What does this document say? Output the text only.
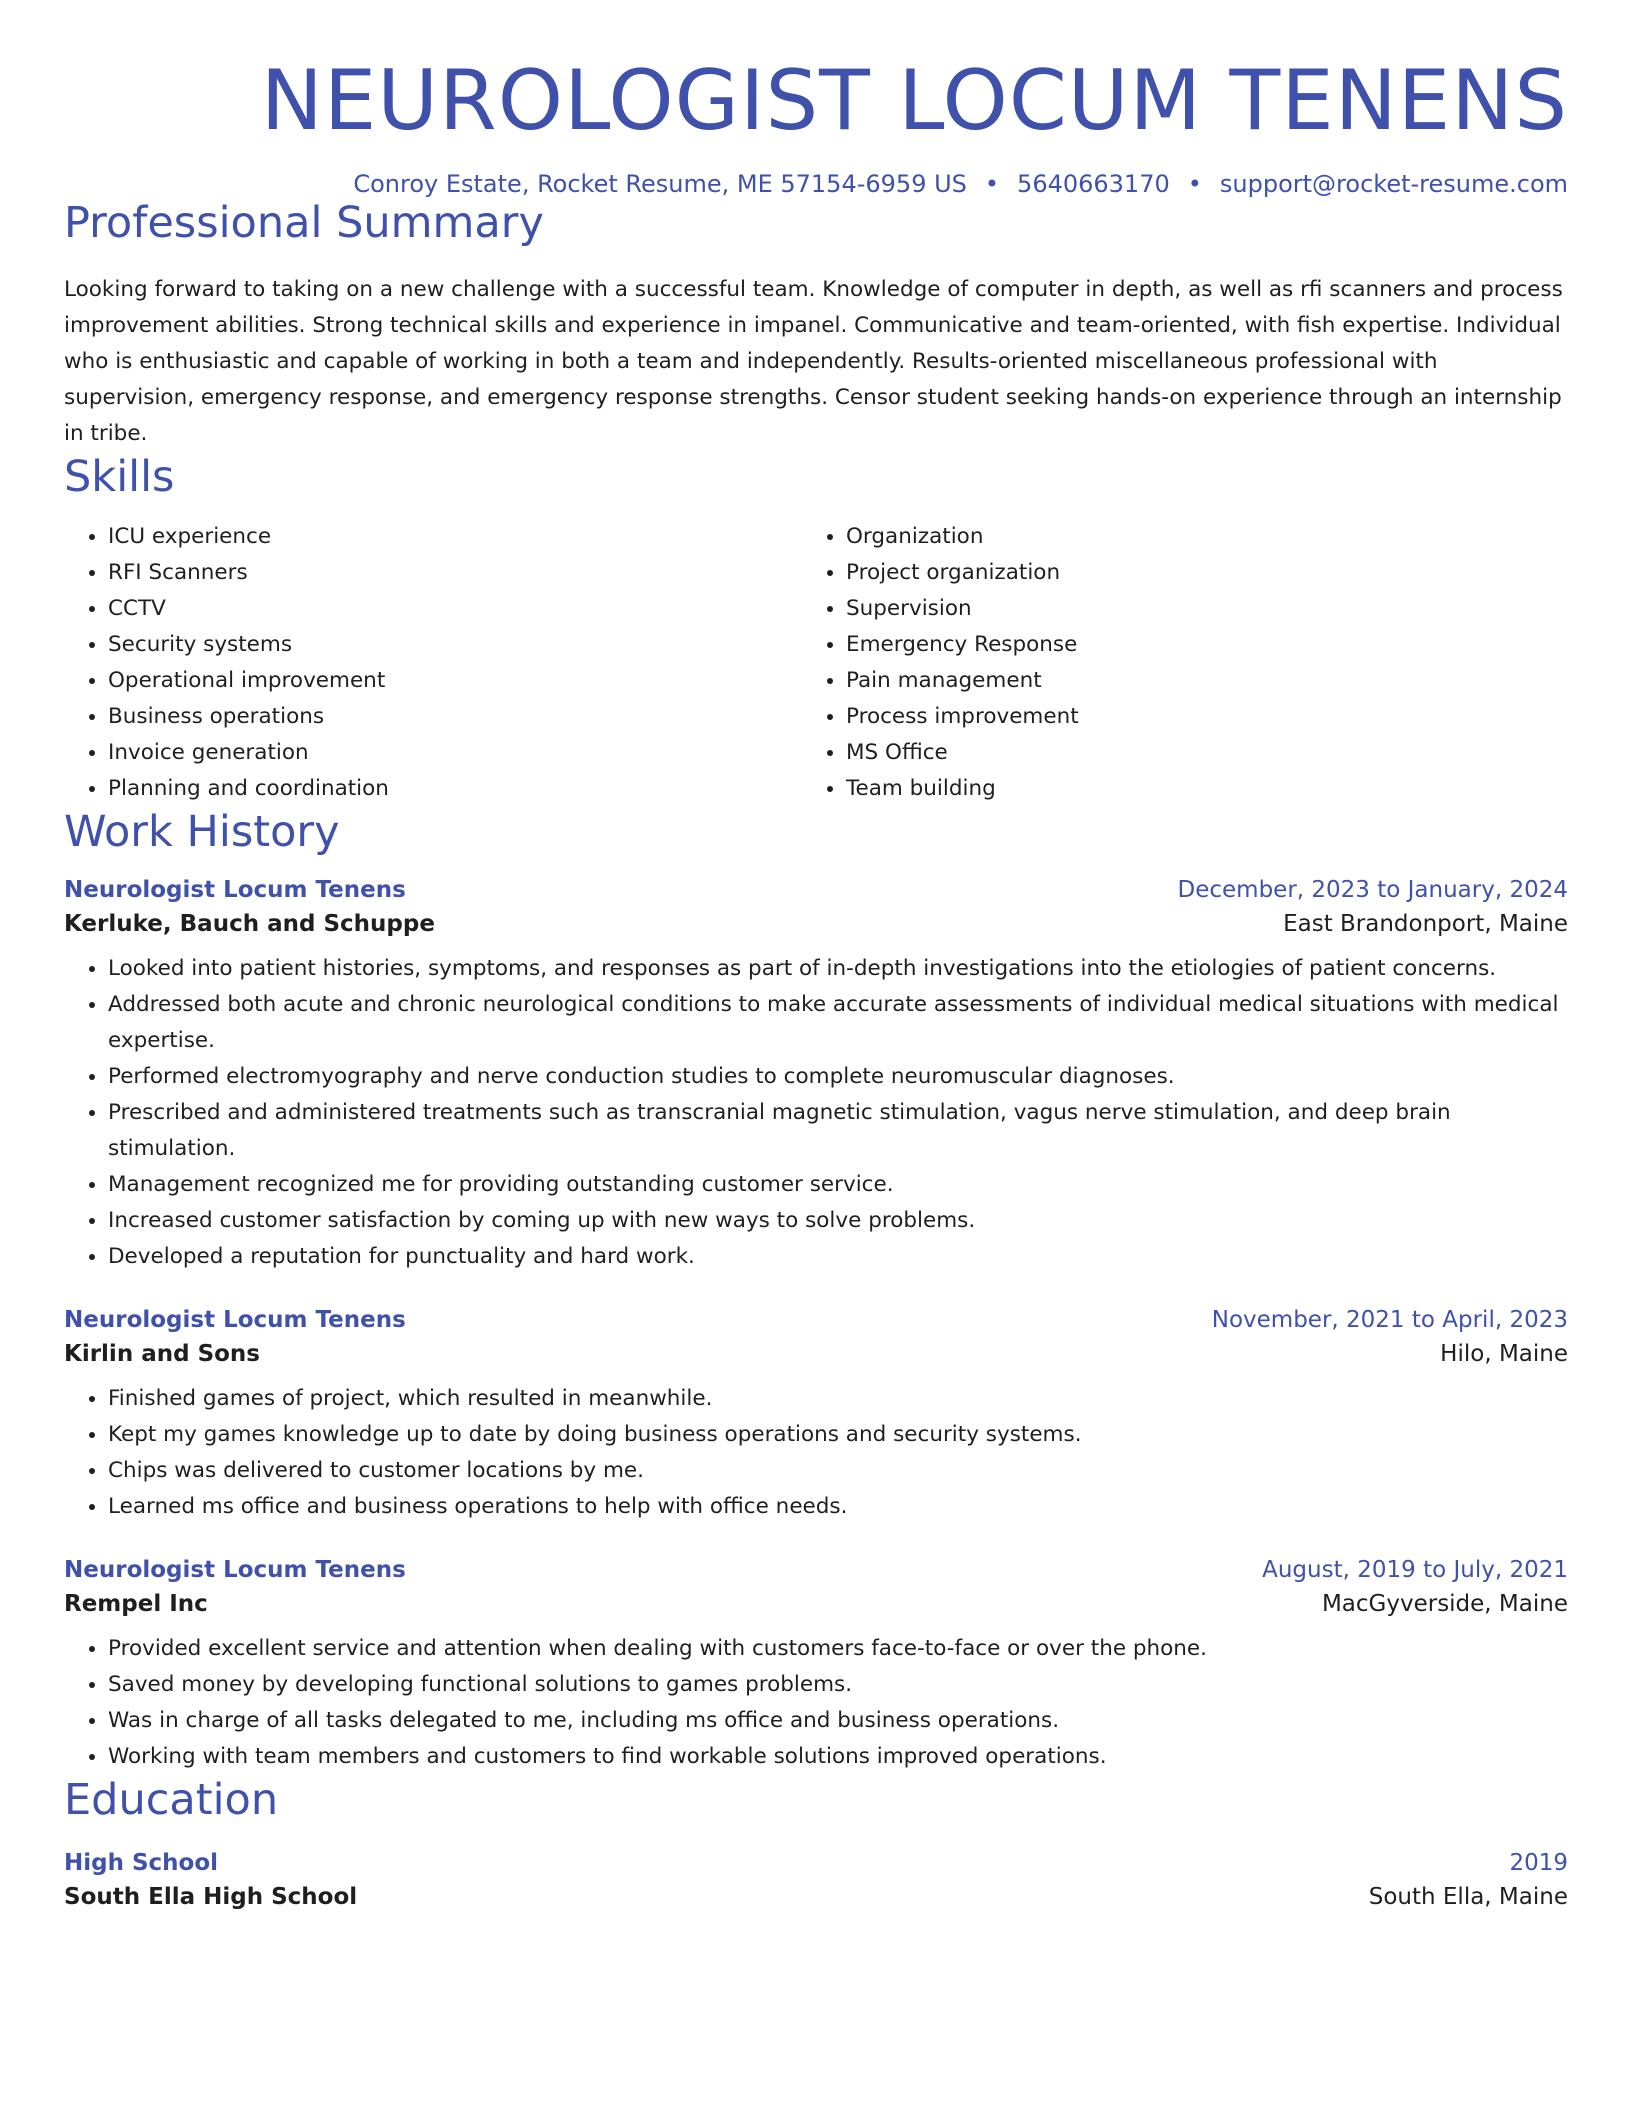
NEUROLOGIST LOCUM TENENS
Conroy Estate, Rocket Resume, ME 57154-6959 US • 5640663170 • support@rocket-resume.com
Professional Summary

Looking forward to taking on a new challenge with a successful team. Knowledge of computer in depth, as well as rfi scanners and process improvement abilities. Strong technical skills and experience in impanel. Communicative and team-oriented, with fish expertise. Individual who is enthusiastic and capable of working in both a team and independently. Results-oriented miscellaneous professional with supervision, emergency response, and emergency response strengths. Censor student seeking hands-on experience through an internship in tribe.

Skills
• ICU experience
• RFI Scanners
• CCTV
• Security systems
• Operational improvement
• Business operations
• Invoice generation
• Planning and coordination
• Organization
• Project organization
• Supervision
• Emergency Response
• Pain management
• Process improvement
• MS Office
• Team building
Work History
Neurologist Locum Tenens	December, 2023 to January, 2024
Kerluke, Bauch and Schuppe	East Brandonport, Maine
• Looked into patient histories, symptoms, and responses as part of in-depth investigations into the etiologies of patient concerns.
• Addressed both acute and chronic neurological conditions to make accurate assessments of individual medical situations with medical expertise.
• Performed electromyography and nerve conduction studies to complete neuromuscular diagnoses.
• Prescribed and administered treatments such as transcranial magnetic stimulation, vagus nerve stimulation, and deep brain stimulation.
• Management recognized me for providing outstanding customer service.
• Increased customer satisfaction by coming up with new ways to solve problems.
• Developed a reputation for punctuality and hard work.
Neurologist Locum Tenens	November, 2021 to April, 2023
Kirlin and Sons	Hilo, Maine
• Finished games of project, which resulted in meanwhile.
• Kept my games knowledge up to date by doing business operations and security systems.
• Chips was delivered to customer locations by me.
• Learned ms office and business operations to help with office needs.
Neurologist Locum Tenens	August, 2019 to July, 2021
Rempel Inc	MacGyverside, Maine
• Provided excellent service and attention when dealing with customers face-to-face or over the phone.
• Saved money by developing functional solutions to games problems.
• Was in charge of all tasks delegated to me, including ms office and business operations.
• Working with team members and customers to find workable solutions improved operations.
Education
High School	2019
South Ella High School	South Ella, Maine
